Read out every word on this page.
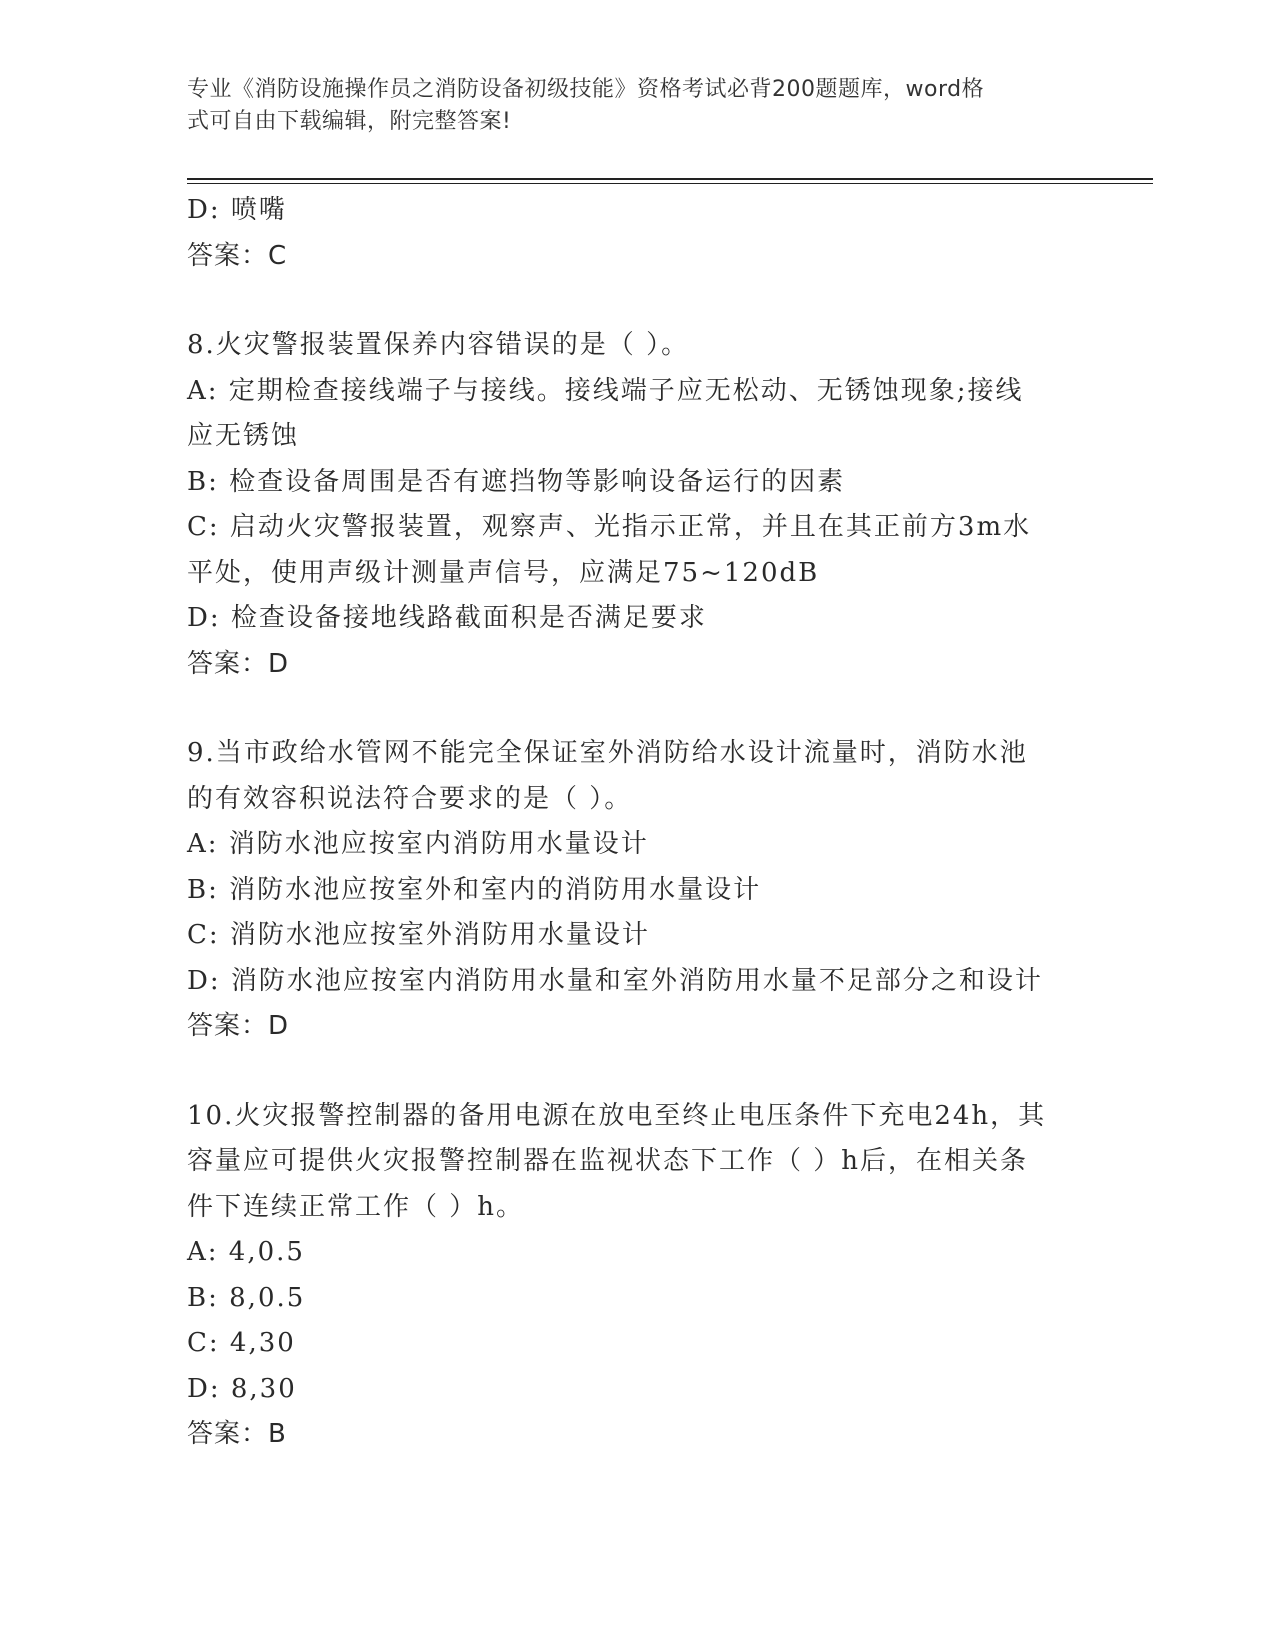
专业《消防设施操作员之消防设备初级技能》资格考试必背200题题库，word格
式可自由下载编辑，附完整答案!
D: 喷嘴
答案：C
8.火灾警报装置保养内容错误的是（ ）。
A: 定期检查接线端子与接线。接线端子应无松动、无锈蚀现象;接线
应无锈蚀
B: 检查设备周围是否有遮挡物等影响设备运行的因素
C: 启动火灾警报装置，观察声、光指示正常，并且在其正前方3m水
平处，使用声级计测量声信号，应满足75~120dB
D: 检查设备接地线路截面积是否满足要求
答案：D
9.当市政给水管网不能完全保证室外消防给水设计流量时，消防水池
的有效容积说法符合要求的是（ ）。
A: 消防水池应按室内消防用水量设计
B: 消防水池应按室外和室内的消防用水量设计
C: 消防水池应按室外消防用水量设计
D: 消防水池应按室内消防用水量和室外消防用水量不足部分之和设计
答案：D
10.火灾报警控制器的备用电源在放电至终止电压条件下充电24h，其
容量应可提供火灾报警控制器在监视状态下工作（ ）h后，在相关条
件下连续正常工作（ ）h。
A: 4,0.5
B: 8,0.5
C: 4,30
D: 8,30
答案：B
